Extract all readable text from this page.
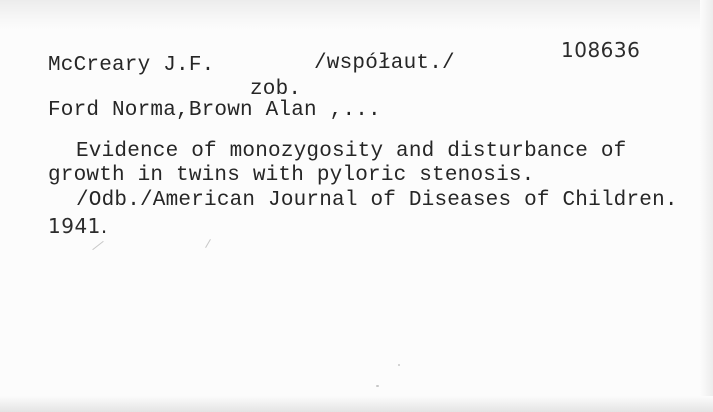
108636
McCreary J.F.	/współaut./
zob.
Ford Norma,Brown Alan ,...
Evidence of monozygosity and disturbance of
growth in twins with pyloric stenosis.
/Odb./American Journal of Diseases of Children.
1941.
